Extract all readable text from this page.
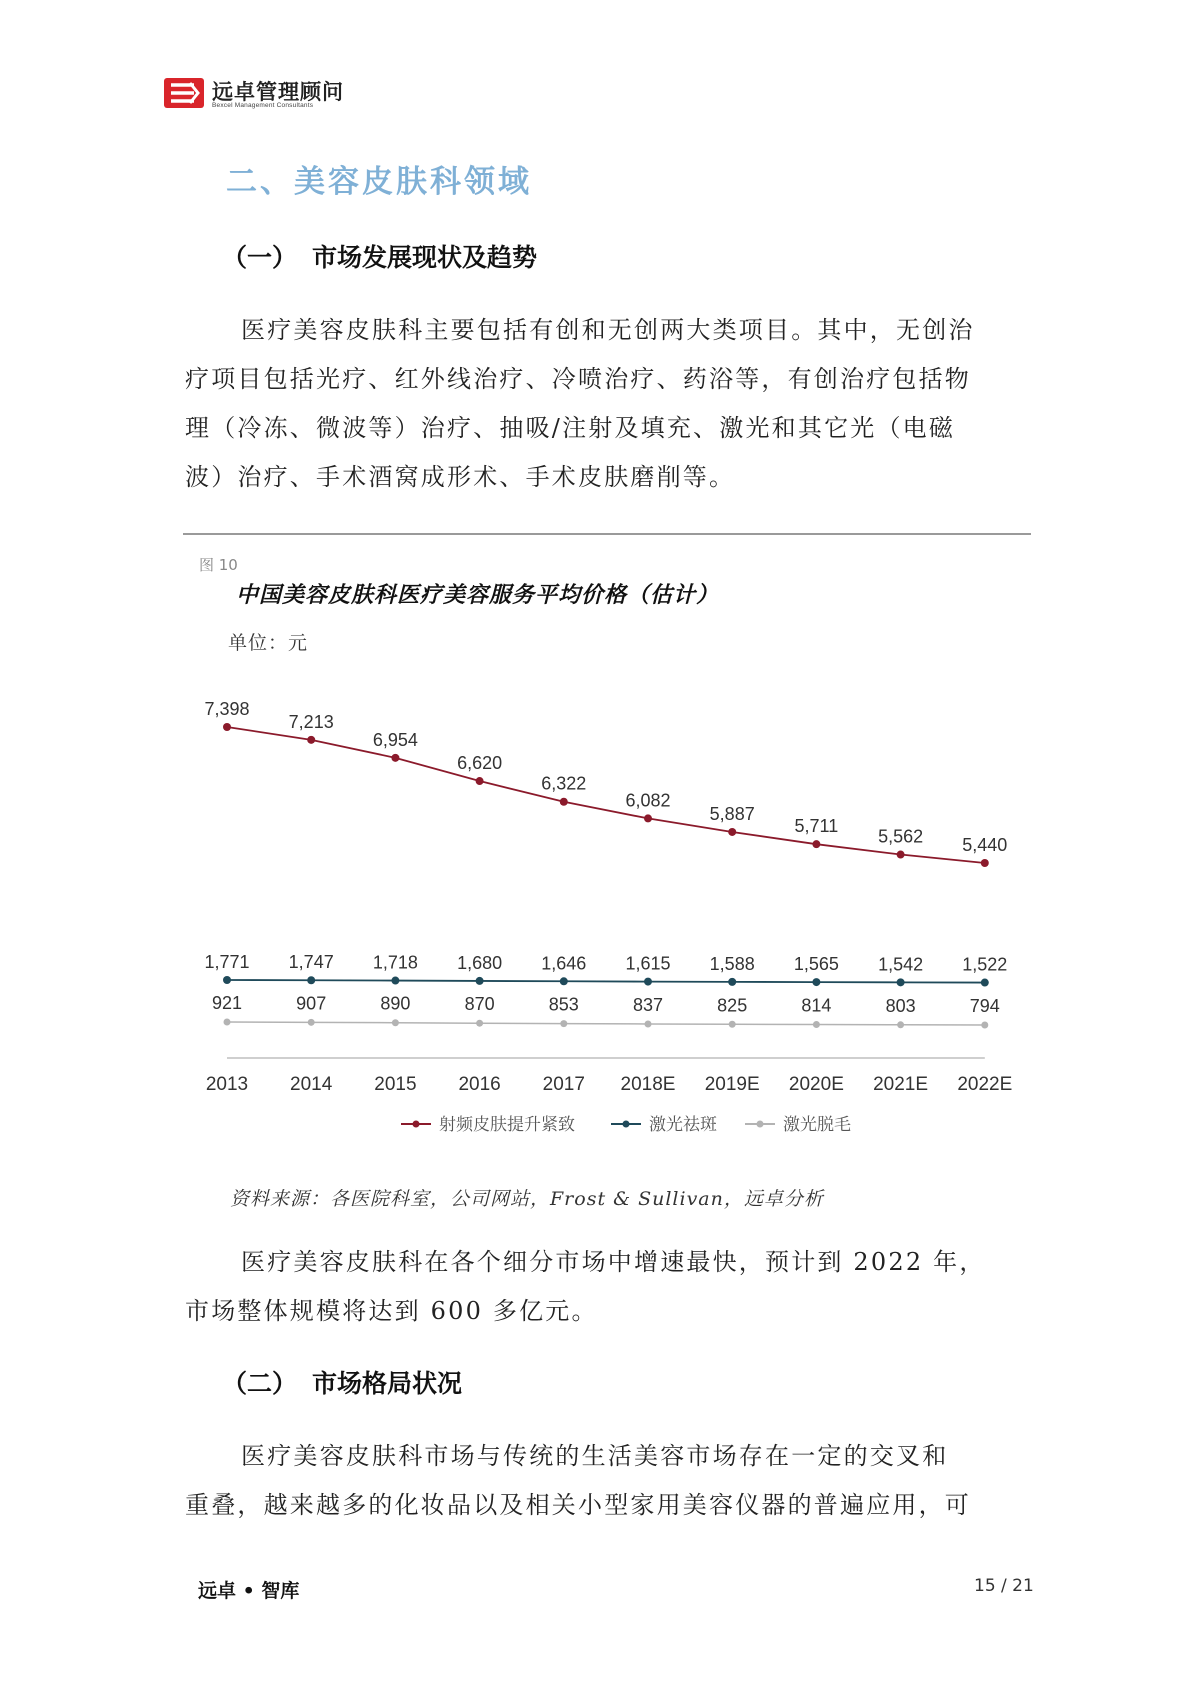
远卓管理顾问
Bexcel Management Consultants
二、美容皮肤科领域
（一） 市场发展现状及趋势
医疗美容皮肤科主要包括有创和无创两大类项目。其中，无创治
疗项目包括光疗、红外线治疗、冷喷治疗、药浴等，有创治疗包括物
理（冷冻、微波等）治疗、抽吸/注射及填充、激光和其它光（电磁
波）治疗、手术酒窝成形术、手术皮肤磨削等。
图 10
中国美容皮肤科医疗美容服务平均价格（估计）
单位：元
7,398
7,213
6,954
6,620
6,322
6,082
5,887
5,711
5,562 5,440
1,771 1,747 1,718 1,680 1,646 1,615 1,588 1,565 1,542 1,522
921	907	890	870	853	837	825	814	803	794
2013 2014 2015 2016 2017 2018E 2019E 2020E 2021E 2022E
射频皮肤提升紧致	激光祛斑	激光脱毛
资料来源：各医院科室，公司网站，Frost & Sullivan，远卓分析
医疗美容皮肤科在各个细分市场中增速最快，预计到 2022 年，
市场整体规模将达到 600 多亿元。
（二） 市场格局状况
医疗美容皮肤科市场与传统的生活美容市场存在一定的交叉和
重叠，越来越多的化妆品以及相关小型家用美容仪器的普遍应用，可
远卓 • 智库	15 / 21
